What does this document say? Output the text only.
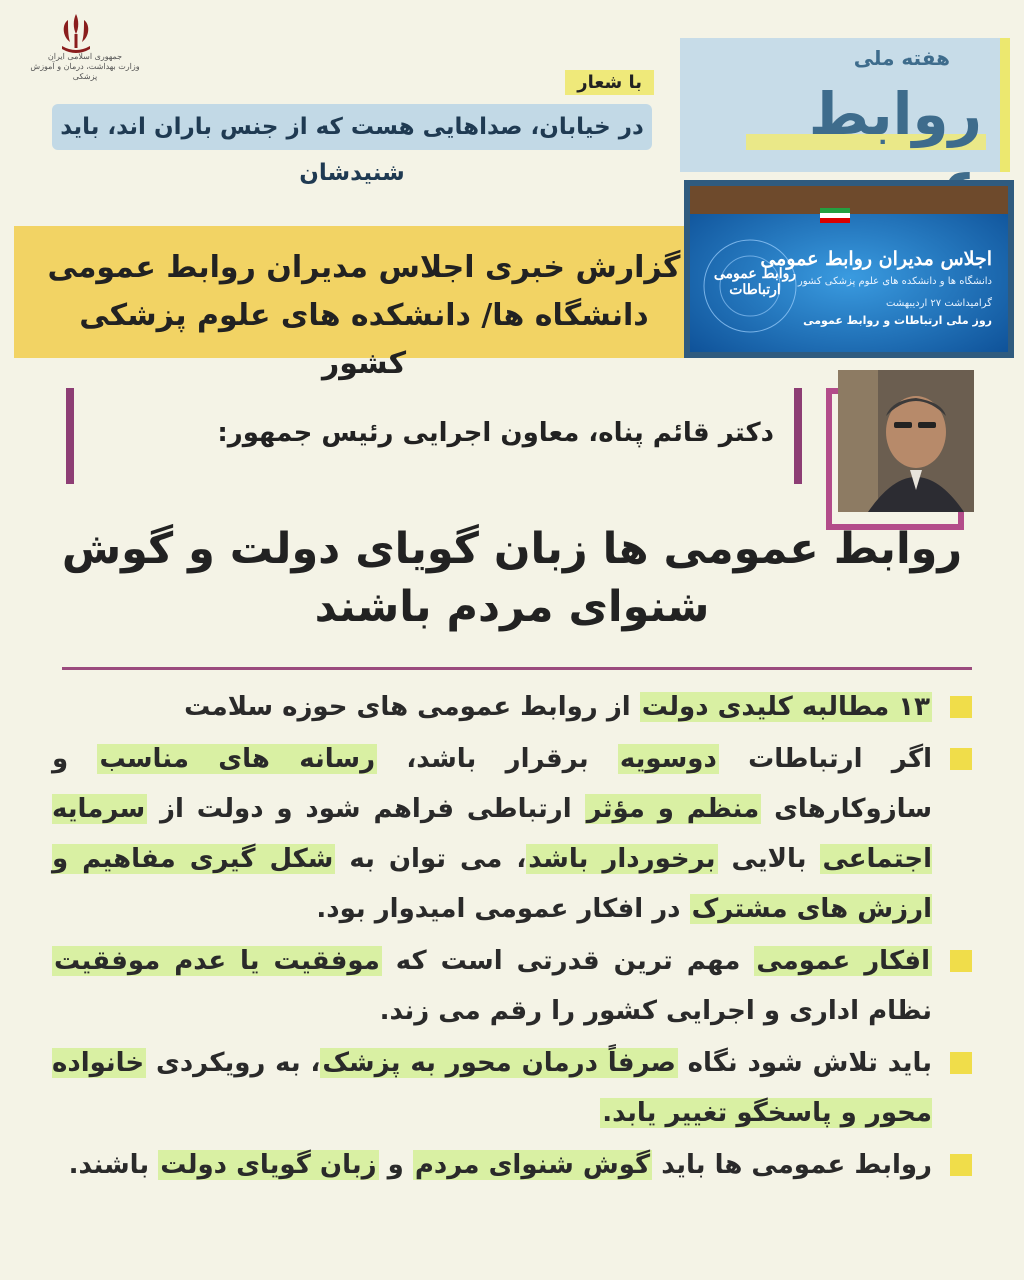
جمهوری اسلامی ایران
وزارت بهداشت، درمان و آموزش پزشکی
هفته ملی
روابط
با شعار
در خیابان، صداهایی هست که از جنس باران اند، باید شنیدشان
گزارش خبری اجلاس مدیران روابط عمومی
دانشگاه ها/ دانشکده های علوم پزشکی کشور
روابط عمومی ارتباطات
اجلاس مدیران روابط عمومی
دانشگاه ها و دانشکده های علوم پزشکی کشور
گرامیداشت ۲۷ اردیبهشت
روز ملی ارتباطات و روابط عمومی
دکتر قائم پناه، معاون اجرایی رئیس جمهور:
روابط عمومی ها زبان گویای دولت و گوش
شنوای مردم باشند
۱۳ مطالبه کلیدی دولت از روابط عمومی های حوزه سلامت
اگر ارتباطات دوسویه برقرار باشد، رسانه های مناسب و سازوکارهای منظم و مؤثر ارتباطی فراهم شود و دولت از سرمایه اجتماعی بالایی برخوردار باشد، می توان به شکل گیری مفاهیم و ارزش های مشترک در افکار عمومی امیدوار بود.
افکار عمومی مهم ترین قدرتی است که موفقیت یا عدم موفقیت نظام اداری و اجرایی کشور را رقم می زند.
باید تلاش شود نگاه صرفاً درمان محور به پزشک، به رویکردی خانواده محور و پاسخگو تغییر یابد.
روابط عمومی ها باید گوش شنوای مردم و زبان گویای دولت باشند.
